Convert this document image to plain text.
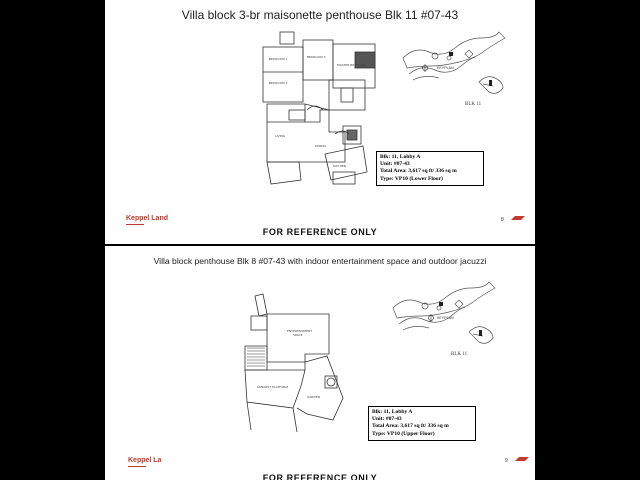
Villa block 3-br maisonette penthouse Blk 11 #07-43
BEDROOM 1
BEDROOM 2
BEDROOM 3
MASTER BEDROOM
LIVING
DINING
KITCHEN
KEYPLAN
BLK 11
Blk: 11, Lobby A
Unit: #07-43
Total Area: 3,617 sq ft/ 336 sq m
Type: VP10 (Lower Floor)
Keppel Land	8
FOR REFERENCE ONLY
Villa block penthouse Blk 8 #07-43 with indoor entertainment space and outdoor jacuzzi
ENTERTAINMENT
SPACE
LONGEST PLATFORM
GARDEN
KEYPLAN
BLK 11
Blk: 11, Lobby A
Unit: #07-43
Total Area: 3,617 sq ft/ 336 sq m
Type: VP10 (Upper Floor)
Keppel La	9
FOR REFERENCE ONLY
